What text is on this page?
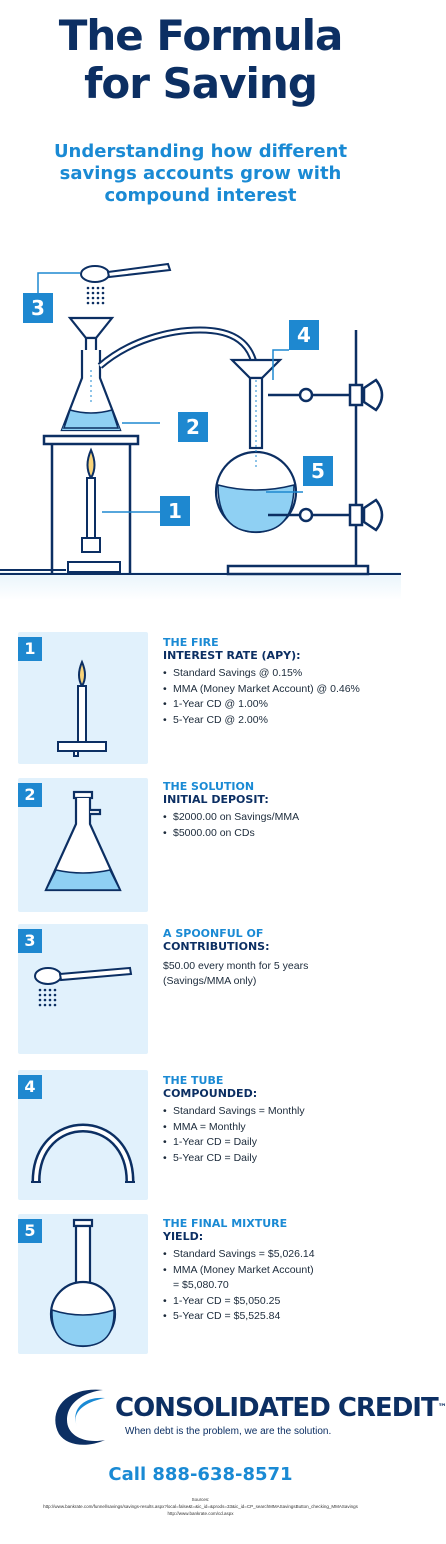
The Formula
for Saving
Understanding how different
savings accounts grow with
compound interest
3
2
1
4
5
1	THE FIRE
INTEREST RATE (APY):
• Standard Savings @ 0.15%
• MMA (Money Market Account) @ 0.46%
• 1-Year CD @ 1.00%
• 5-Year CD @ 2.00%
2	THE SOLUTION
INITIAL DEPOSIT:
• $2000.00 on Savings/MMA
• $5000.00 on CDs
3	A SPOONFUL OF
CONTRIBUTIONS:

$50.00 every month for 5 years
(Savings/MMA only)

4	THE TUBE
COMPOUNDED:
• Standard Savings = Monthly
• MMA = Monthly
• 1-Year CD = Daily
• 5-Year CD = Daily
5	THE FINAL MIXTURE
YIELD:
• Standard Savings = $5,026.14
• MMA (Money Market Account)
= $5,080.70
• 1-Year CD = $5,050.25
• 5-Year CD = $5,525.84
CONSOLIDATED CREDIT™
When debt is the problem, we are the solution.
Call 888-638-8571
Sources:
http://www.bankrate.com/funnel/savings/savings-results.aspx?local=false&t=&ic_id=&prods=33&ic_id=CP_searchMMASavingsButton_checking_MMASavings
http://www.bankrate.com/cd.aspx
